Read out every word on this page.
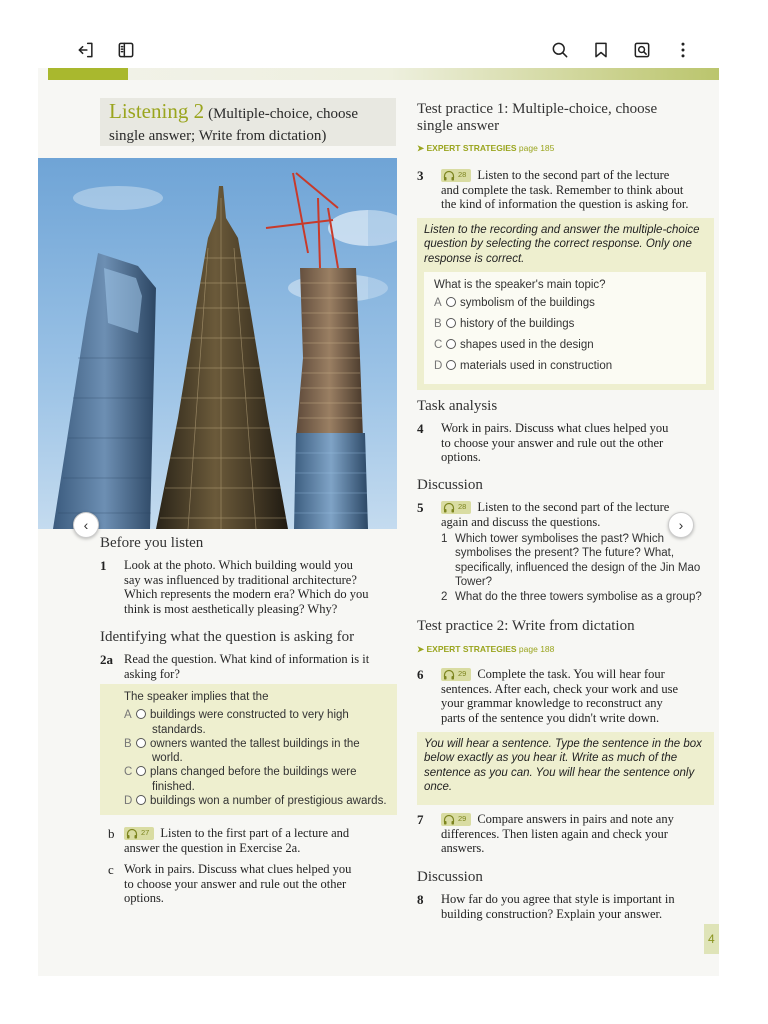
Listening 2 (Multiple-choice, choose
single answer; Write from dictation)
Before you listen
1 Look at the photo. Which building would you
say was influenced by traditional architecture?
Which represents the modern era? Which do you
think is most aesthetically pleasing? Why?
Identifying what the question is asking for
2a Read the question. What kind of information is it
asking for?
The speaker implies that the
A buildings were constructed to very high
standards.
B owners wanted the tallest buildings in the
world.
C plans changed before the buildings were
finished.
D buildings won a number of prestigious awards.
b	27 Listen to the first part of a lecture and
answer the question in Exercise 2a.
c Work in pairs. Discuss what clues helped you
to choose your answer and rule out the other
options.
Test practice 1: Multiple-choice, choose
single answer
➤ EXPERT STRATEGIES page 185
3	28 Listen to the second part of the lecture
and complete the task. Remember to think about
the kind of information the question is asking for.
Listen to the recording and answer the multiple-choice
question by selecting the correct response. Only one
response is correct.
What is the speaker's main topic?
A symbolism of the buildings
B history of the buildings
C shapes used in the design
D materials used in construction
Task analysis
4 Work in pairs. Discuss what clues helped you
to choose your answer and rule out the other
options.
Discussion
5	28 Listen to the second part of the lecture
again and discuss the questions.
1 Which tower symbolises the past? Which
symbolises the present? The future? What,
specifically, influenced the design of the Jin Mao
Tower?
2 What do the three towers symbolise as a group?
Test practice 2: Write from dictation
➤ EXPERT STRATEGIES page 188
6	29 Complete the task. You will hear four
sentences. After each, check your work and use
your grammar knowledge to reconstruct any
parts of the sentence you didn't write down.
You will hear a sentence. Type the sentence in the box
below exactly as you hear it. Write as much of the
sentence as you can. You will hear the sentence only
once.
7	29 Compare answers in pairs and note any
differences. Then listen again and check your
answers.
Discussion
8 How far do you agree that style is important in
building construction? Explain your answer.
4
‹	›
